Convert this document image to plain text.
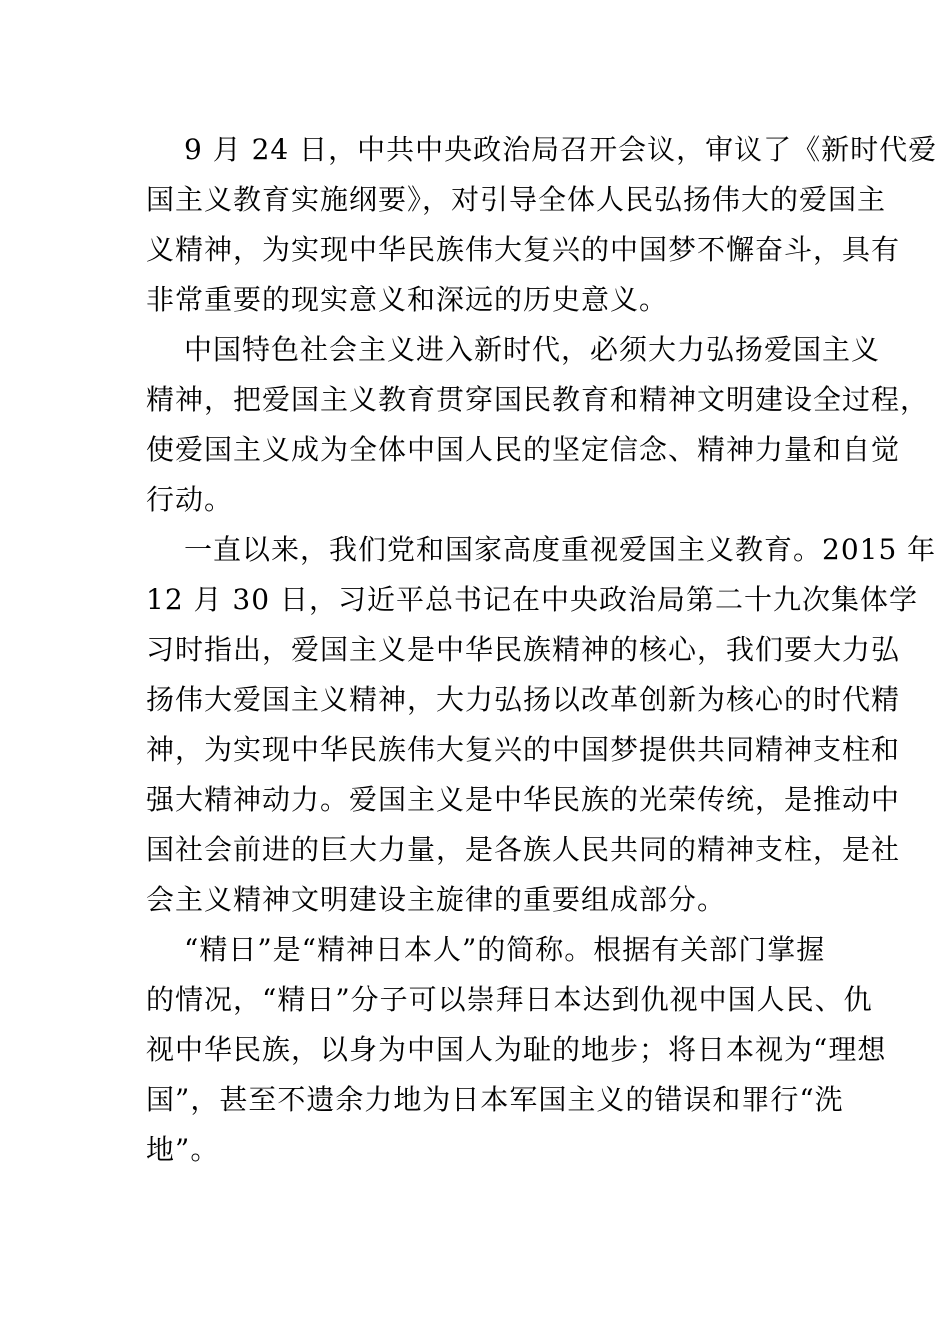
9 月 24 日，中共中央政治局召开会议，审议了《新时代爱
国主义教育实施纲要》，对引导全体人民弘扬伟大的爱国主
义精神，为实现中华民族伟大复兴的中国梦不懈奋斗，具有
非常重要的现实意义和深远的历史意义。
中国特色社会主义进入新时代，必须大力弘扬爱国主义
精神，把爱国主义教育贯穿国民教育和精神文明建设全过程，
使爱国主义成为全体中国人民的坚定信念、精神力量和自觉
行动。
一直以来，我们党和国家高度重视爱国主义教育。2015 年
12 月 30 日，习近平总书记在中央政治局第二十九次集体学
习时指出，爱国主义是中华民族精神的核心，我们要大力弘
扬伟大爱国主义精神，大力弘扬以改革创新为核心的时代精
神，为实现中华民族伟大复兴的中国梦提供共同精神支柱和
强大精神动力。爱国主义是中华民族的光荣传统，是推动中
国社会前进的巨大力量，是各族人民共同的精神支柱，是社
会主义精神文明建设主旋律的重要组成部分。
“精日”是“精神日本人”的简称。根据有关部门掌握
的情况，“精日”分子可以崇拜日本达到仇视中国人民、仇
视中华民族，以身为中国人为耻的地步；将日本视为“理想
国”，甚至不遗余力地为日本军国主义的错误和罪行“洗
地”。
